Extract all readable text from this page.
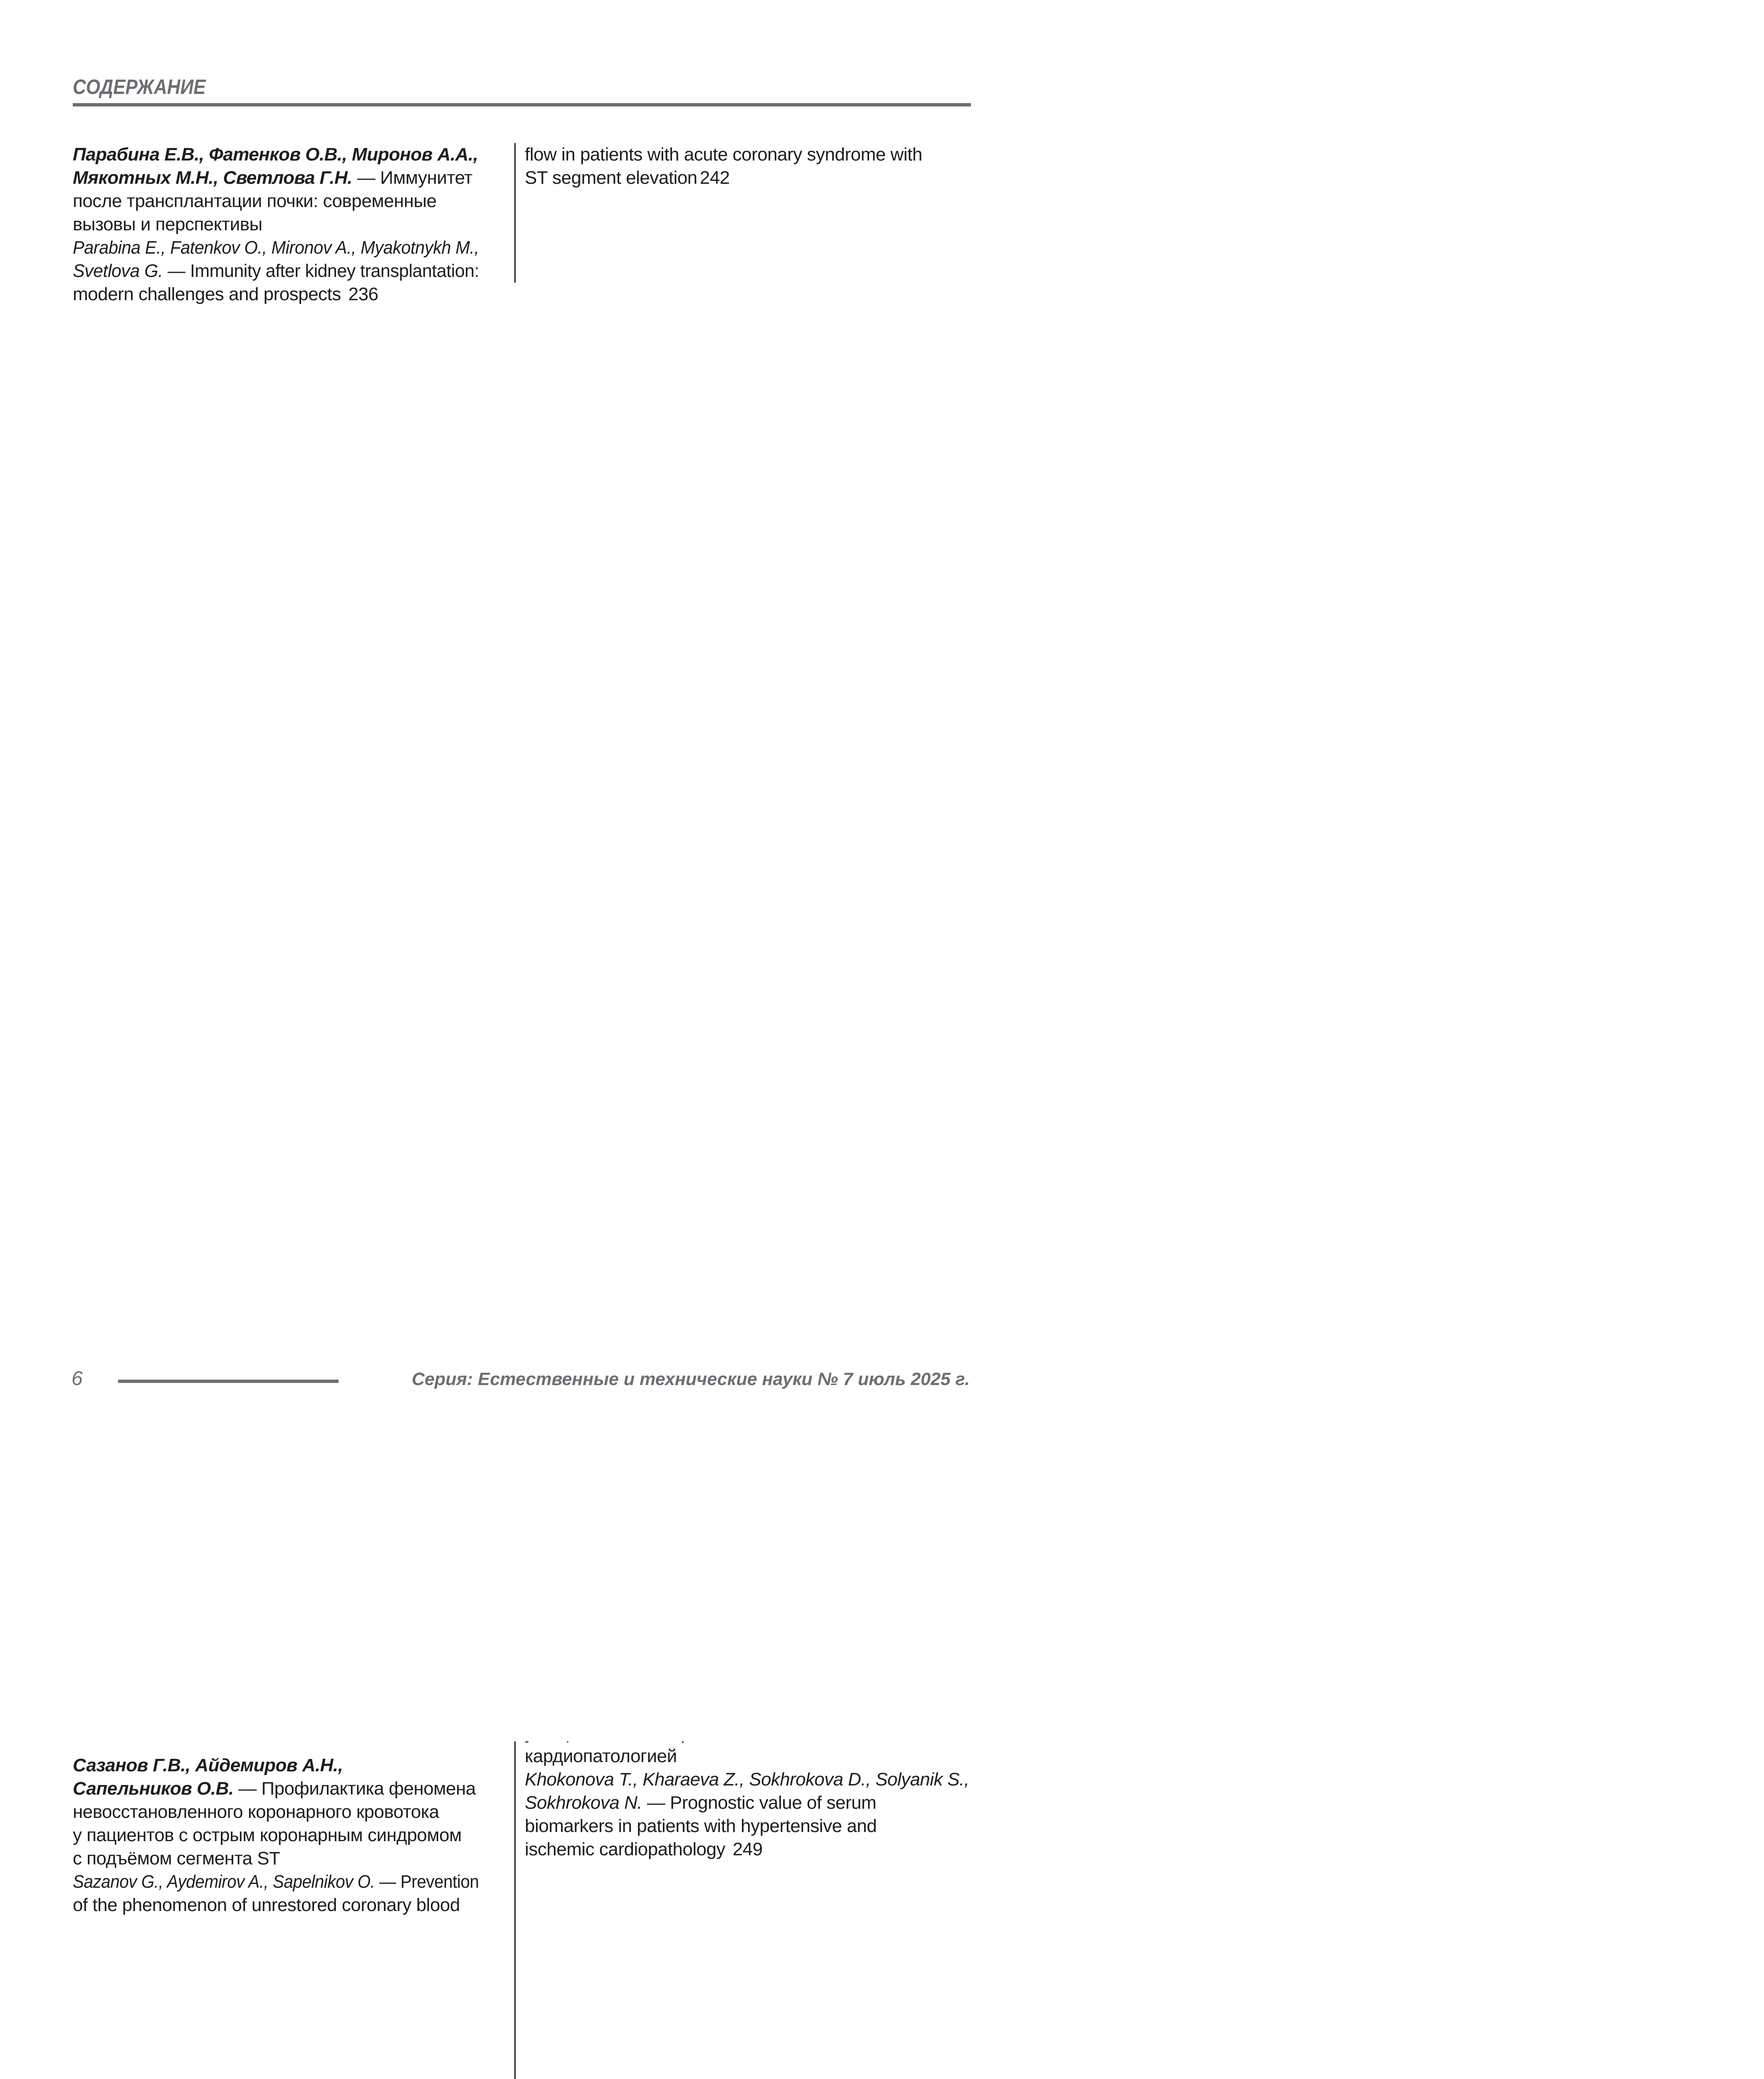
СОДЕРЖАНИЕ
Парабина Е.В., Фатенков О.В., Миронов А.А.,
Мякотных М.Н., Светлова Г.Н. — Иммунитет
после трансплантации почки: современные
вызовы и перспективы
Parabina E., Fatenkov O., Mironov A., Myakotnykh M.,
Svetlova G. — Immunity after kidney transplantation:
modern challenges and prospects 236
Сазанов Г.В., Айдемиров А.Н.,
Сапельников О.В. — Профилактика феномена
невосстановленного коронарного кровотока
у пациентов с острым коронарным синдромом
с подъёмом сегмента ST
Sazanov G., Aydemirov A., Sapelnikov O. — Prevention
of the phenomenon of unrestored coronary blood
flow in patients with acute coronary syndrome with
ST segment elevation 242
кардиопатологией
Khokonova T., Kharaeva Z., Sokhrokova D., Solyanik S.,
Sokhrokova N. — Prognostic value of serum
biomarkers in patients with hypertensive and
ischemic cardiopathology 249
6	Серия: Естественные и технические науки № 7 июль 2025 г.
